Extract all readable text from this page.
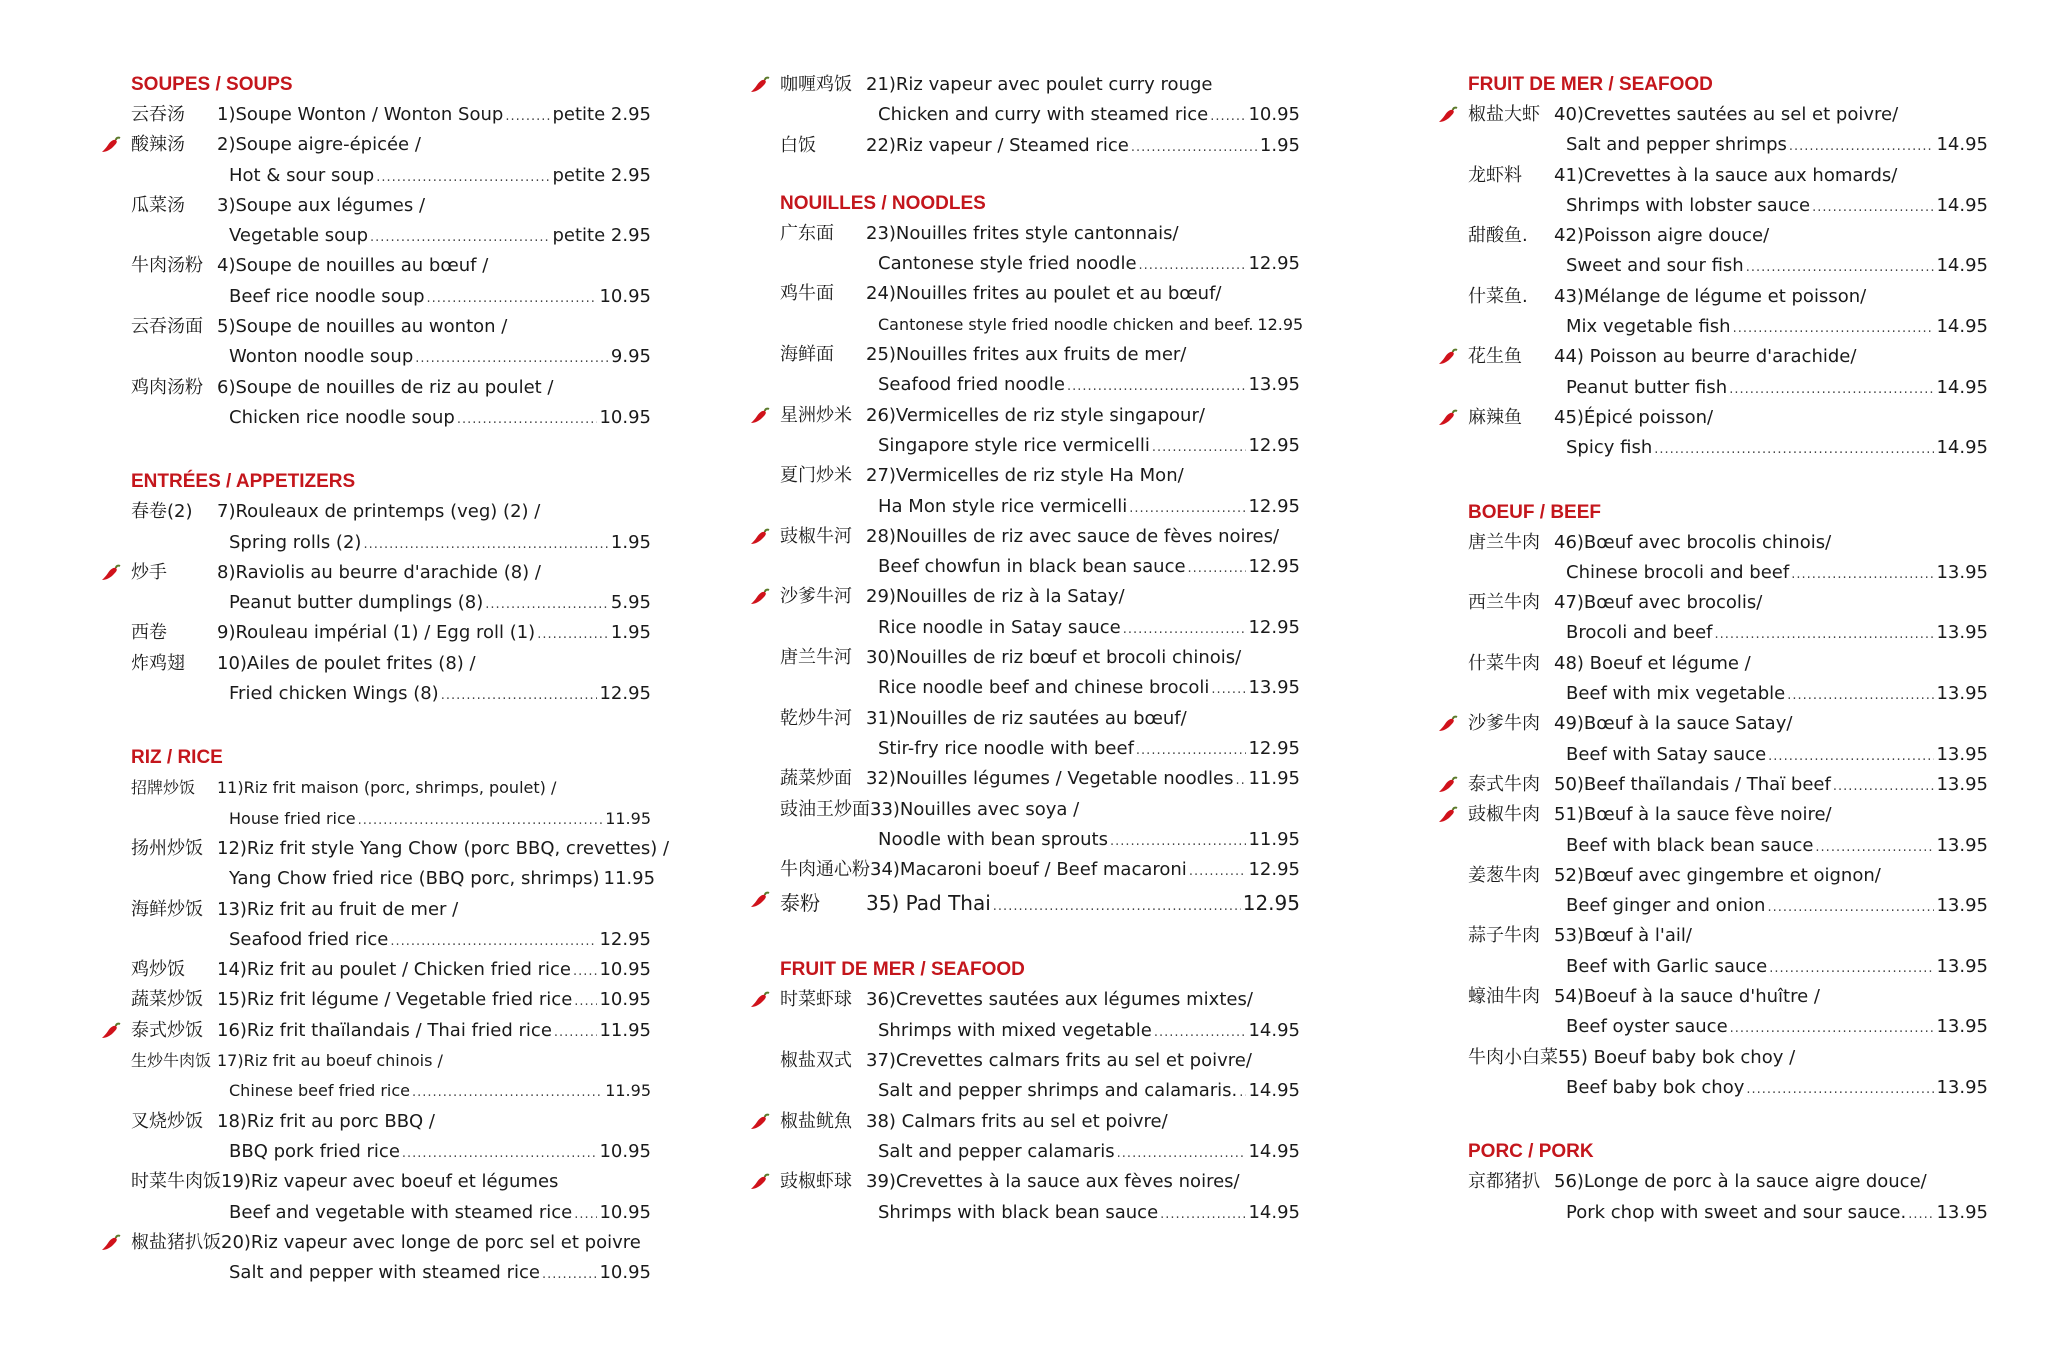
SOUPES / SOUPS
云吞汤	1)Soupe Wonton / Wonton Soup .....	petite 2.95
酸辣汤	2)Soupe aigre-épicée /
Hot & sour soup .....	petite 2.95
瓜菜汤	3)Soupe aux légumes /
Vegetable soup .....	petite 2.95
牛肉汤粉 4)Soupe de nouilles au bœuf /
Beef rice noodle soup .....	10.95
云吞汤面 5)Soupe de nouilles au wonton /
Wonton noodle soup .....	9.95
鸡肉汤粉 6)Soupe de nouilles de riz au poulet /
Chicken rice noodle soup .....	10.95
ENTRÉES / APPETIZERS
春卷(2)	7)Rouleaux de printemps (veg) (2) /
Spring rolls (2) .....	1.95
炒手	8)Raviolis au beurre d'arachide (8) /
Peanut butter dumplings (8) .....	5.95
西卷	9)Rouleau impérial (1) / Egg roll (1) .....	1.95
炸鸡翅	10)Ailes de poulet frites (8) /
Fried chicken Wings (8) .....	12.95
RIZ / RICE
招牌炒饭	11)Riz frit maison (porc, shrimps, poulet) /
House fried rice .....	11.95
扬州炒饭 12)Riz frit style Yang Chow (porc BBQ, crevettes) /
Yang Chow fried rice (BBQ porc, shrimps) 11.95
海鲜炒饭 13)Riz frit au fruit de mer /
Seafood fried rice .....	12.95
鸡炒饭	14)Riz frit au poulet / Chicken fried rice ..... 10.95
蔬菜炒饭 15)Riz frit légume / Vegetable fried rice ..... 10.95
泰式炒饭 16)Riz frit thaïlandais / Thai fried rice .....	11.95
生炒牛肉饭 17)Riz frit au boeuf chinois /
Chinese beef fried rice .....	11.95
叉烧炒饭 18)Riz frit au porc BBQ /
BBQ pork fried rice .....	10.95
时菜牛肉饭 19)Riz vapeur avec boeuf et légumes
Beef and vegetable with steamed rice ..... 10.95
椒盐猪扒饭 20)Riz vapeur avec longe de porc sel et poivre
Salt and pepper with steamed rice .....	10.95
咖喱鸡饭 21)Riz vapeur avec poulet curry rouge
Chicken and curry with steamed rice ..... 10.95
白饭	22)Riz vapeur / Steamed rice .....	1.95
NOUILLES / NOODLES
广东面	23)Nouilles frites style cantonnais/
Cantonese style fried noodle .....	12.95
鸡牛面	24)Nouilles frites au poulet et au bœuf/
Cantonese style fried noodle chicken and beef. 12.95
海鲜面	25)Nouilles frites aux fruits de mer/
Seafood fried noodle .....	13.95
星洲炒米 26)Vermicelles de riz style singapour/
Singapore style rice vermicelli .....	12.95
夏门炒米 27)Vermicelles de riz style Ha Mon/
Ha Mon style rice vermicelli .....	12.95
豉椒牛河 28)Nouilles de riz avec sauce de fèves noires/
Beef chowfun in black bean sauce .....	12.95
沙爹牛河 29)Nouilles de riz à la Satay/
Rice noodle in Satay sauce .....	12.95
唐兰牛河 30)Nouilles de riz bœuf et brocoli chinois/
Rice noodle beef and chinese brocoli ..... 13.95
乾炒牛河 31)Nouilles de riz sautées au bœuf/
Stir-fry rice noodle with beef .....	12.95
蔬菜炒面 32)Nouilles légumes / Vegetable noodles ..... 11.95
豉油王炒面 33)Nouilles avec soya /
Noodle with bean sprouts .....	11.95
牛肉通心粉 34)Macaroni boeuf / Beef macaroni .....	12.95
泰粉	35) Pad Thai .....	12.95
FRUIT DE MER / SEAFOOD
时菜虾球 36)Crevettes sautées aux légumes mixtes/
Shrimps with mixed vegetable .....	14.95
椒盐双式 37)Crevettes calmars frits au sel et poivre/
Salt and pepper shrimps and calamaris. ..... 14.95
椒盐鱿魚 38) Calmars frits au sel et poivre/
Salt and pepper calamaris .....	14.95
豉椒虾球 39)Crevettes à la sauce aux fèves noires/
Shrimps with black bean sauce .....	14.95
FRUIT DE MER / SEAFOOD
椒盐大虾 40)Crevettes sautées au sel et poivre/
Salt and pepper shrimps .....	14.95
龙虾料	41)Crevettes à la sauce aux homards/
Shrimps with lobster sauce .....	14.95
甜酸鱼.	42)Poisson aigre douce/
Sweet and sour fish .....	14.95
什菜鱼.	43)Mélange de légume et poisson/
Mix vegetable fish .....	14.95
花生鱼	44) Poisson au beurre d'arachide/
Peanut butter fish .....	14.95
麻辣鱼	45)Épicé poisson/
Spicy fish .....	14.95
BOEUF / BEEF
唐兰牛肉 46)Bœuf avec brocolis chinois/
Chinese brocoli and beef .....	13.95
西兰牛肉 47)Bœuf avec brocolis/
Brocoli and beef .....	13.95
什菜牛肉 48) Boeuf et légume /
Beef with mix vegetable .....	13.95
沙爹牛肉 49)Bœuf à la sauce Satay/
Beef with Satay sauce .....	13.95
泰式牛肉 50)Beef thaïlandais / Thaï beef .....	13.95
豉椒牛肉 51)Bœuf à la sauce fève noire/
Beef with black bean sauce .....	13.95
姜葱牛肉 52)Bœuf avec gingembre et oignon/
Beef ginger and onion .....	13.95
蒜子牛肉 53)Bœuf à l'ail/
Beef with Garlic sauce .....	13.95
蠔油牛肉 54)Boeuf à la sauce d'huître /
Beef oyster sauce .....	13.95
牛肉小白菜 55) Boeuf baby bok choy /
Beef baby bok choy .....	13.95
PORC / PORK
京都猪扒 56)Longe de porc à la sauce aigre douce/
Pork chop with sweet and sour sauce. ..... 13.95
